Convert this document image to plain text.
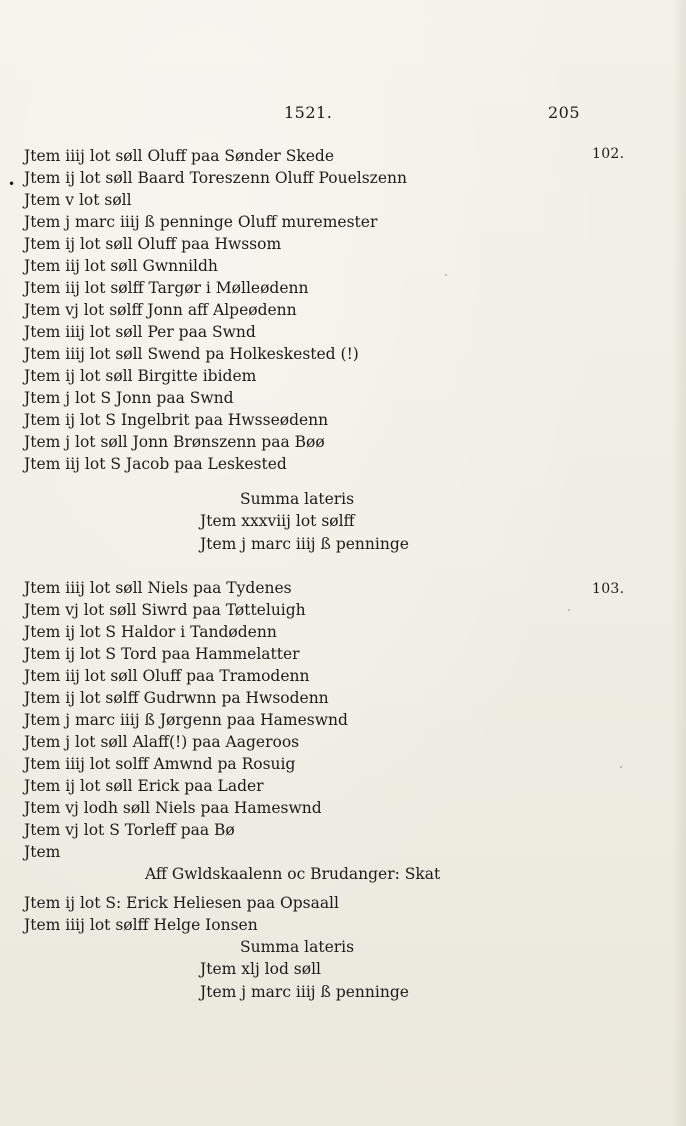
1521.	205
•
102.
103.
Jtem iiij lot søll Oluff paa Sønder Skede
Jtem ij lot søll Baard Toreszenn Oluff Pouelszenn
Jtem v lot søll
Jtem j marc iiij ß penninge Oluff muremester
Jtem ij lot søll Oluff paa Hwssom
Jtem iij lot søll Gwnnildh
Jtem iij lot sølff Targør i Mølleødenn
Jtem vj lot sølff Jonn aff Alpeødenn
Jtem iiij lot søll Per paa Swnd
Jtem iiij lot søll Swend pa Holkeskested (!)
Jtem ij lot søll Birgitte ibidem
Jtem j lot S Jonn paa Swnd
Jtem ij lot S Ingelbrit paa Hwsseødenn
Jtem j lot søll Jonn Brønszenn paa Bøø
Jtem iij lot S Jacob paa Leskested
Summa lateris
Jtem xxxviij lot sølff
Jtem j marc iiij ß penninge
Jtem iiij lot søll Niels paa Tydenes
Jtem vj lot søll Siwrd paa Tøtteluigh
Jtem ij lot S Haldor i Tandødenn
Jtem ij lot S Tord paa Hammelatter
Jtem iij lot søll Oluff paa Tramodenn
Jtem ij lot sølff Gudrwnn pa Hwsodenn
Jtem j marc iiij ß Jørgenn paa Hameswnd
Jtem j lot søll Alaff(!) paa Aageroos
Jtem iiij lot solff Amwnd pa Rosuig
Jtem ij lot søll Erick paa Lader
Jtem vj lodh søll Niels paa Hameswnd
Jtem vj lot S Torleff paa Bø
Jtem
Aff Gwldskaalenn oc Brudanger: Skat
Jtem ij lot S: Erick Heliesen paa Opsaall
Jtem iiij lot sølff Helge Ionsen
Summa lateris
Jtem xlj lod søll
Jtem j marc iiij ß penninge
